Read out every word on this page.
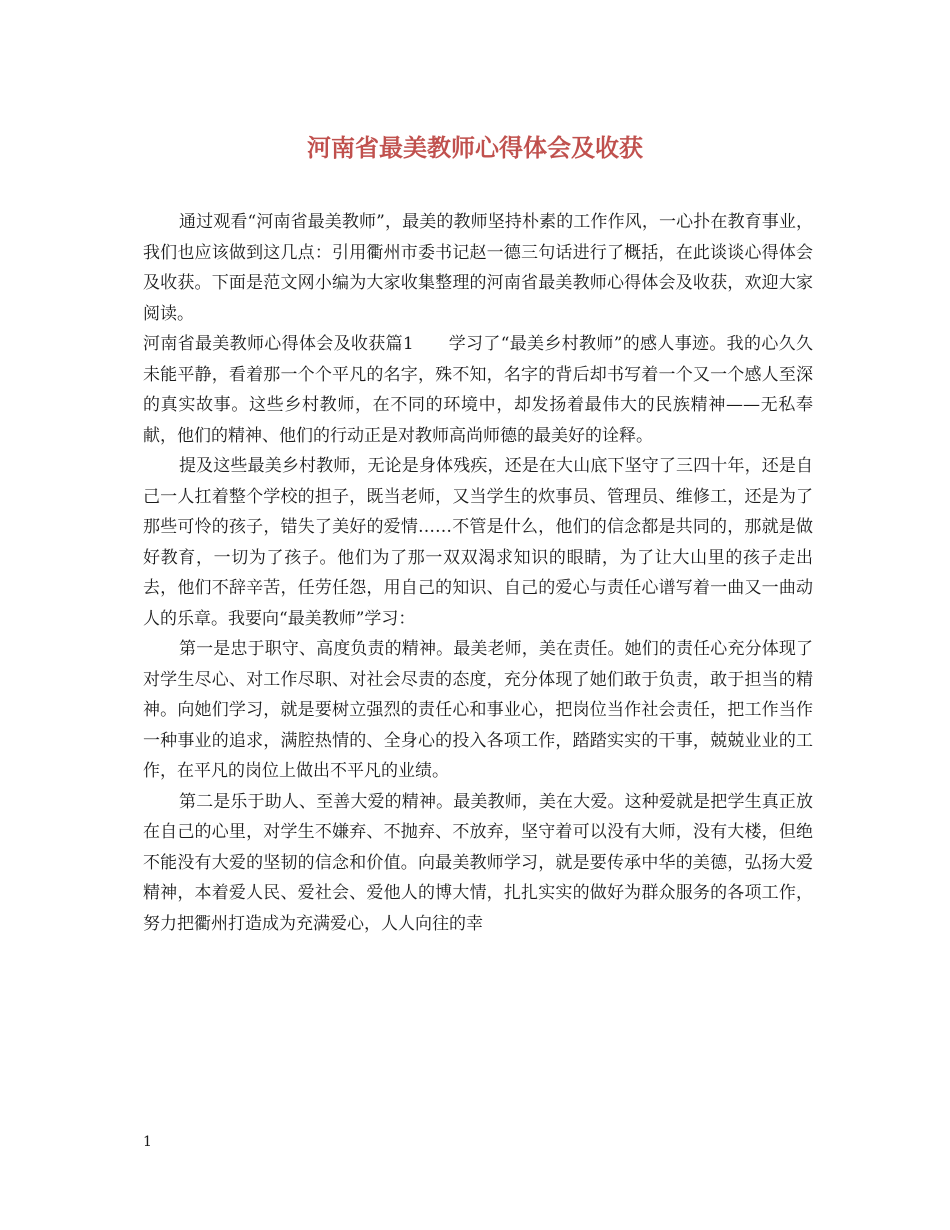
河南省最美教师心得体会及收获

通过观看“河南省最美教师”，最美的教师坚持朴素的工作作风，一心扑在教育事业，我们也应该做到这几点：引用衢州市委书记赵一德三句话进行了概括，在此谈谈心得体会及收获。下面是范文网小编为大家收集整理的河南省最美教师心得体会及收获，欢迎大家阅读。

河南省最美教师心得体会及收获篇1　　学习了“最美乡村教师”的感人事迹。我的心久久未能平静，看着那一个个平凡的名字，殊不知，名字的背后却书写着一个又一个感人至深的真实故事。这些乡村教师，在不同的环境中，却发扬着最伟大的民族精神——无私奉献，他们的精神、他们的行动正是对教师高尚师德的最美好的诠释。

提及这些最美乡村教师，无论是身体残疾，还是在大山底下坚守了三四十年，还是自己一人扛着整个学校的担子，既当老师，又当学生的炊事员、管理员、维修工，还是为了那些可怜的孩子，错失了美好的爱情……不管是什么，他们的信念都是共同的，那就是做好教育，一切为了孩子。他们为了那一双双渴求知识的眼睛，为了让大山里的孩子走出去，他们不辞辛苦，任劳任怨，用自己的知识、自己的爱心与责任心谱写着一曲又一曲动人的乐章。我要向“最美教师”学习：

第一是忠于职守、高度负责的精神。最美老师，美在责任。她们的责任心充分体现了对学生尽心、对工作尽职、对社会尽责的态度，充分体现了她们敢于负责，敢于担当的精神。向她们学习，就是要树立强烈的责任心和事业心，把岗位当作社会责任，把工作当作一种事业的追求，满腔热情的、全身心的投入各项工作，踏踏实实的干事，兢兢业业的工作，在平凡的岗位上做出不平凡的业绩。

第二是乐于助人、至善大爱的精神。最美教师，美在大爱。这种爱就是把学生真正放在自己的心里，对学生不嫌弃、不抛弃、不放弃，坚守着可以没有大师，没有大楼，但绝不能没有大爱的坚韧的信念和价值。向最美教师学习，就是要传承中华的美德，弘扬大爱精神，本着爱人民、爱社会、爱他人的博大情，扎扎实实的做好为群众服务的各项工作，努力把衢州打造成为充满爱心，人人向往的幸

1
